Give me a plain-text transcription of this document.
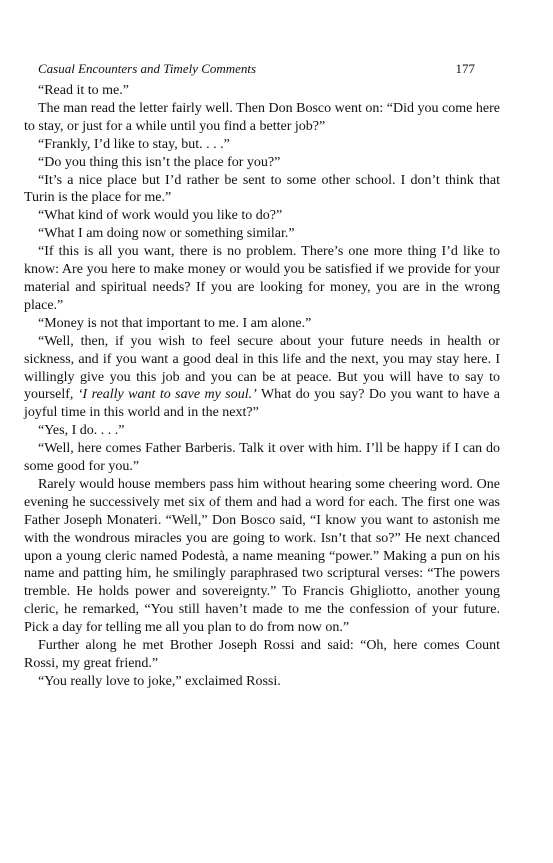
Casual Encounters and Timely Comments	177

“Read it to me.”

The man read the letter fairly well. Then Don Bosco went on: “Did you come here to stay, or just for a while until you find a better job?”

“Frankly, I’d like to stay, but. . . .”

“Do you thing this isn’t the place for you?”

“It’s a nice place but I’d rather be sent to some other school. I don’t think that Turin is the place for me.”

“What kind of work would you like to do?”

“What I am doing now or something similar.”

“If this is all you want, there is no problem. There’s one more thing I’d like to know: Are you here to make money or would you be satisfied if we provide for your material and spiritual needs? If you are looking for money, you are in the wrong place.”

“Money is not that important to me. I am alone.”

“Well, then, if you wish to feel secure about your future needs in health or sickness, and if you want a good deal in this life and the next, you may stay here. I willingly give you this job and you can be at peace. But you will have to say to yourself, ‘I really want to save my soul.’ What do you say? Do you want to have a joyful time in this world and in the next?”

“Yes, I do. . . .”

“Well, here comes Father Barberis. Talk it over with him. I’ll be happy if I can do some good for you.”

Rarely would house members pass him without hearing some cheering word. One evening he successively met six of them and had a word for each. The first one was Father Joseph Monateri. “Well,” Don Bosco said, “I know you want to astonish me with the wondrous miracles you are going to work. Isn’t that so?” He next chanced upon a young cleric named Podestà, a name meaning “power.” Making a pun on his name and patting him, he smilingly paraphrased two scriptural verses: “The powers tremble. He holds power and sovereignty.” To Francis Ghigliotto, another young cleric, he remarked, “You still haven’t made to me the confession of your future. Pick a day for telling me all you plan to do from now on.”

Further along he met Brother Joseph Rossi and said: “Oh, here comes Count Rossi, my great friend.”

“You really love to joke,” exclaimed Rossi.
